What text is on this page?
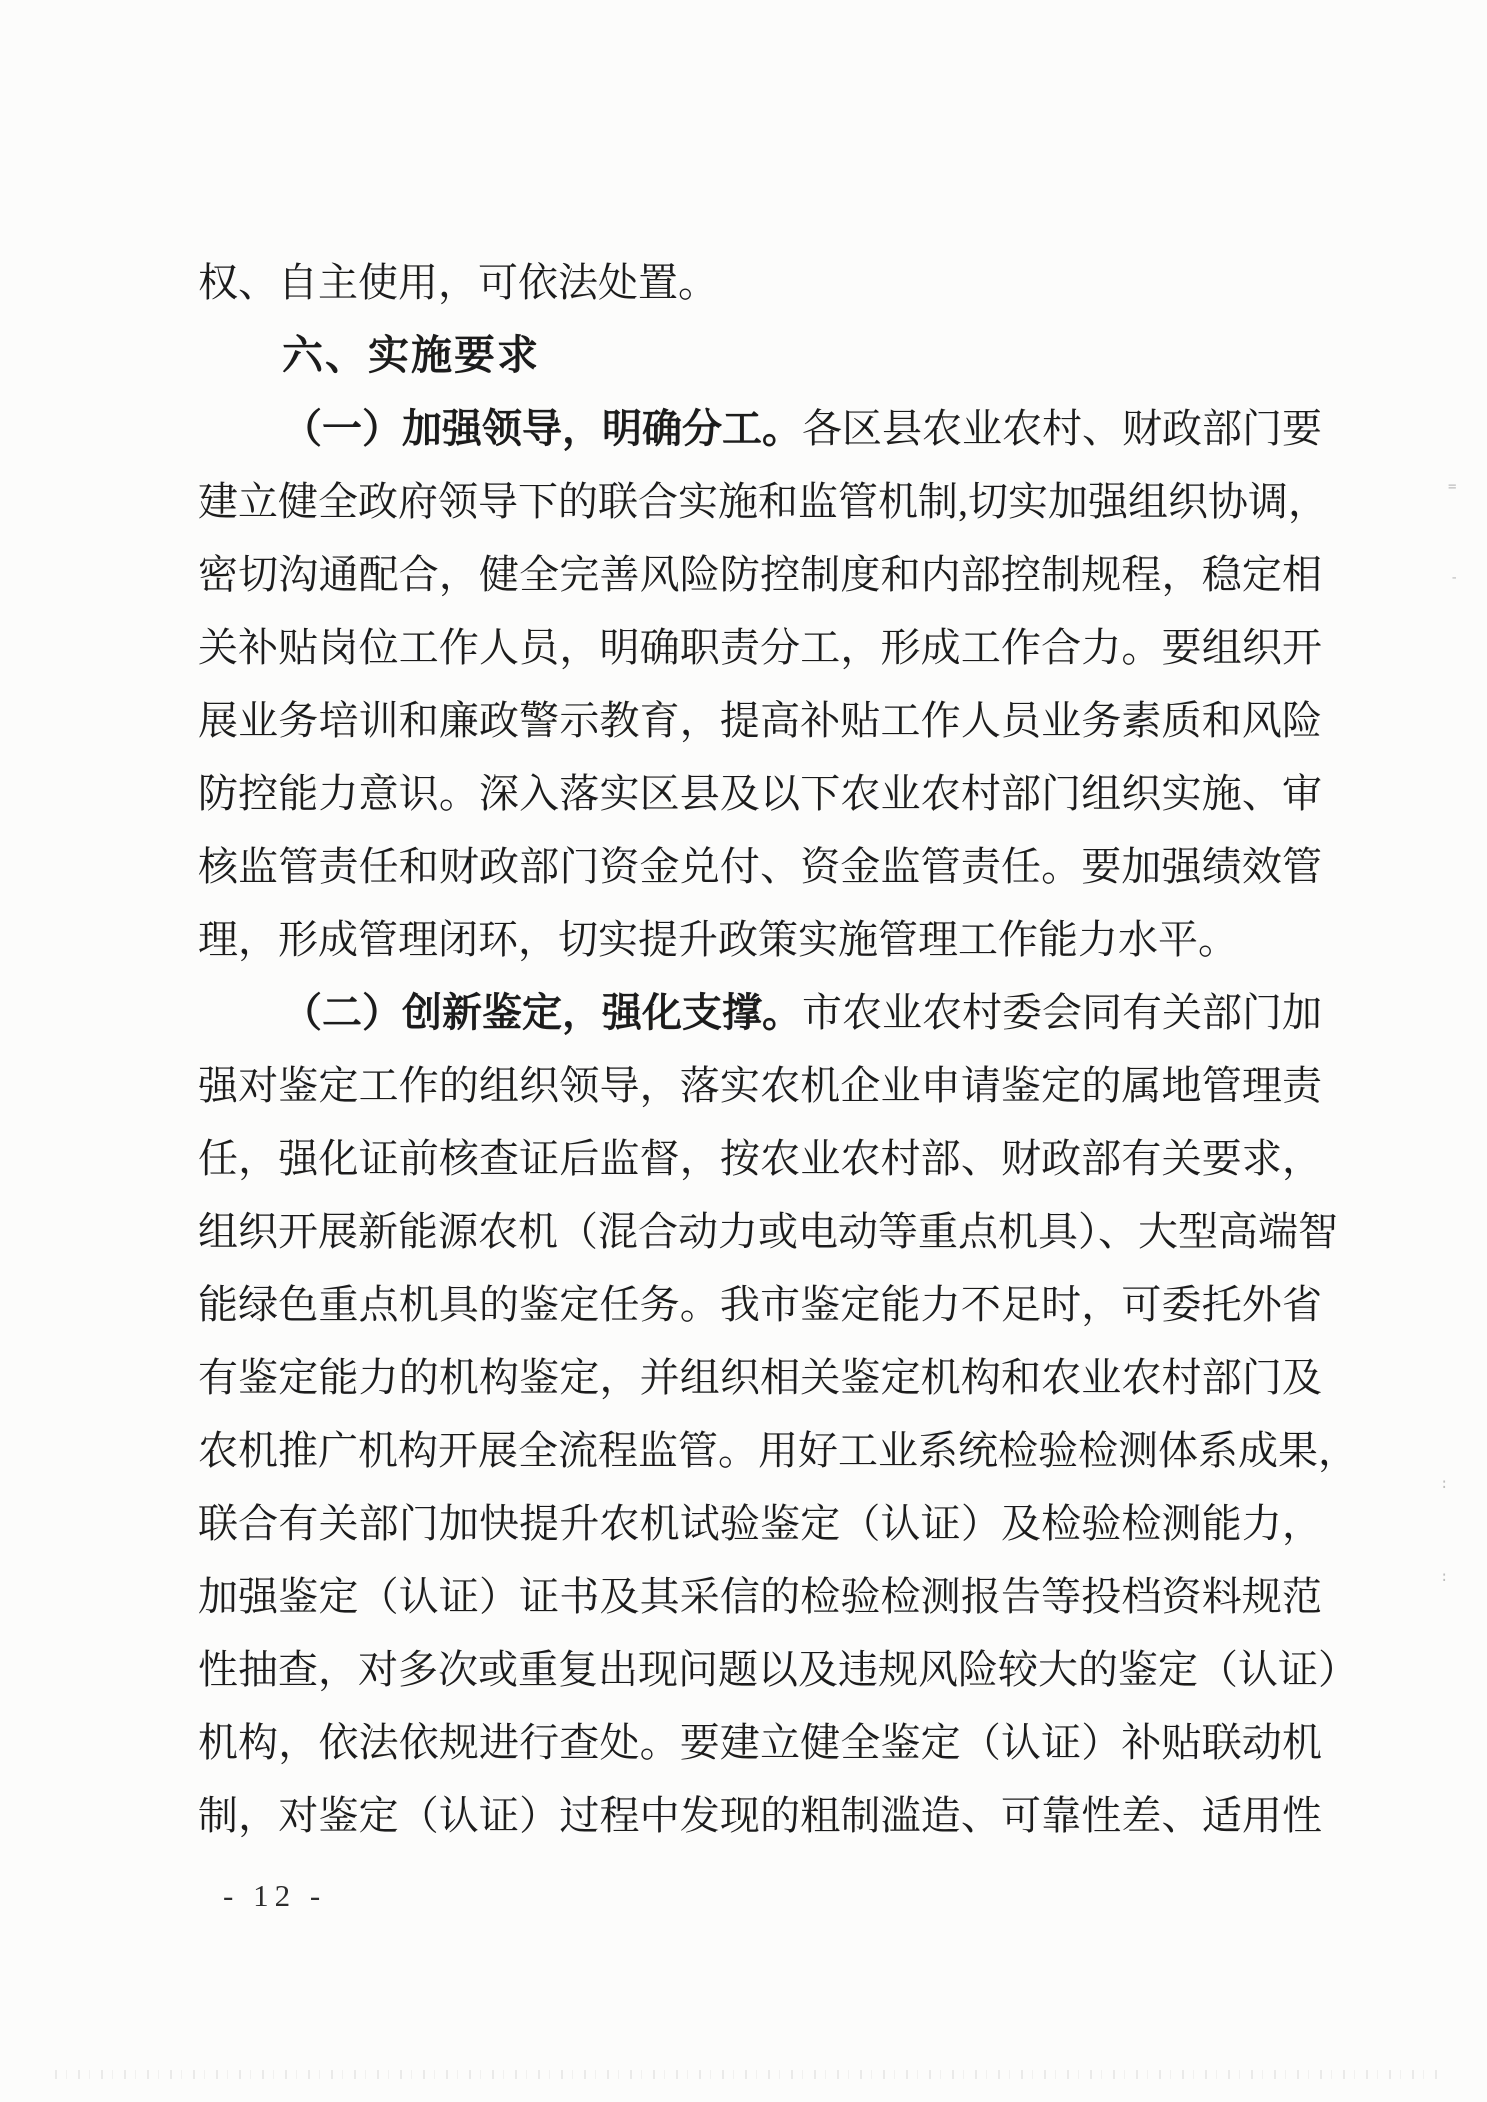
权、自主使用，可依法处置。
六、实施要求
（一）加强领导，明确分工。各区县农业农村、财政部门要
建立健全政府领导下的联合实施和监管机制,切实加强组织协调，
密切沟通配合，健全完善风险防控制度和内部控制规程，稳定相
关补贴岗位工作人员，明确职责分工，形成工作合力。要组织开
展业务培训和廉政警示教育，提高补贴工作人员业务素质和风险
防控能力意识。深入落实区县及以下农业农村部门组织实施、审
核监管责任和财政部门资金兑付、资金监管责任。要加强绩效管
理，形成管理闭环，切实提升政策实施管理工作能力水平。
（二）创新鉴定，强化支撑。市农业农村委会同有关部门加
强对鉴定工作的组织领导，落实农机企业申请鉴定的属地管理责
任，强化证前核查证后监督，按农业农村部、财政部有关要求，
组织开展新能源农机（混合动力或电动等重点机具）、大型高端智
能绿色重点机具的鉴定任务。我市鉴定能力不足时，可委托外省
有鉴定能力的机构鉴定，并组织相关鉴定机构和农业农村部门及
农机推广机构开展全流程监管。用好工业系统检验检测体系成果，
联合有关部门加快提升农机试验鉴定（认证）及检验检测能力，
加强鉴定（认证）证书及其采信的检验检测报告等投档资料规范
性抽查，对多次或重复出现问题以及违规风险较大的鉴定（认证）
机构，依法依规进行查处。要建立健全鉴定（认证）补贴联动机
制，对鉴定（认证）过程中发现的粗制滥造、可靠性差、适用性
- 12 -
=
-
:
:
